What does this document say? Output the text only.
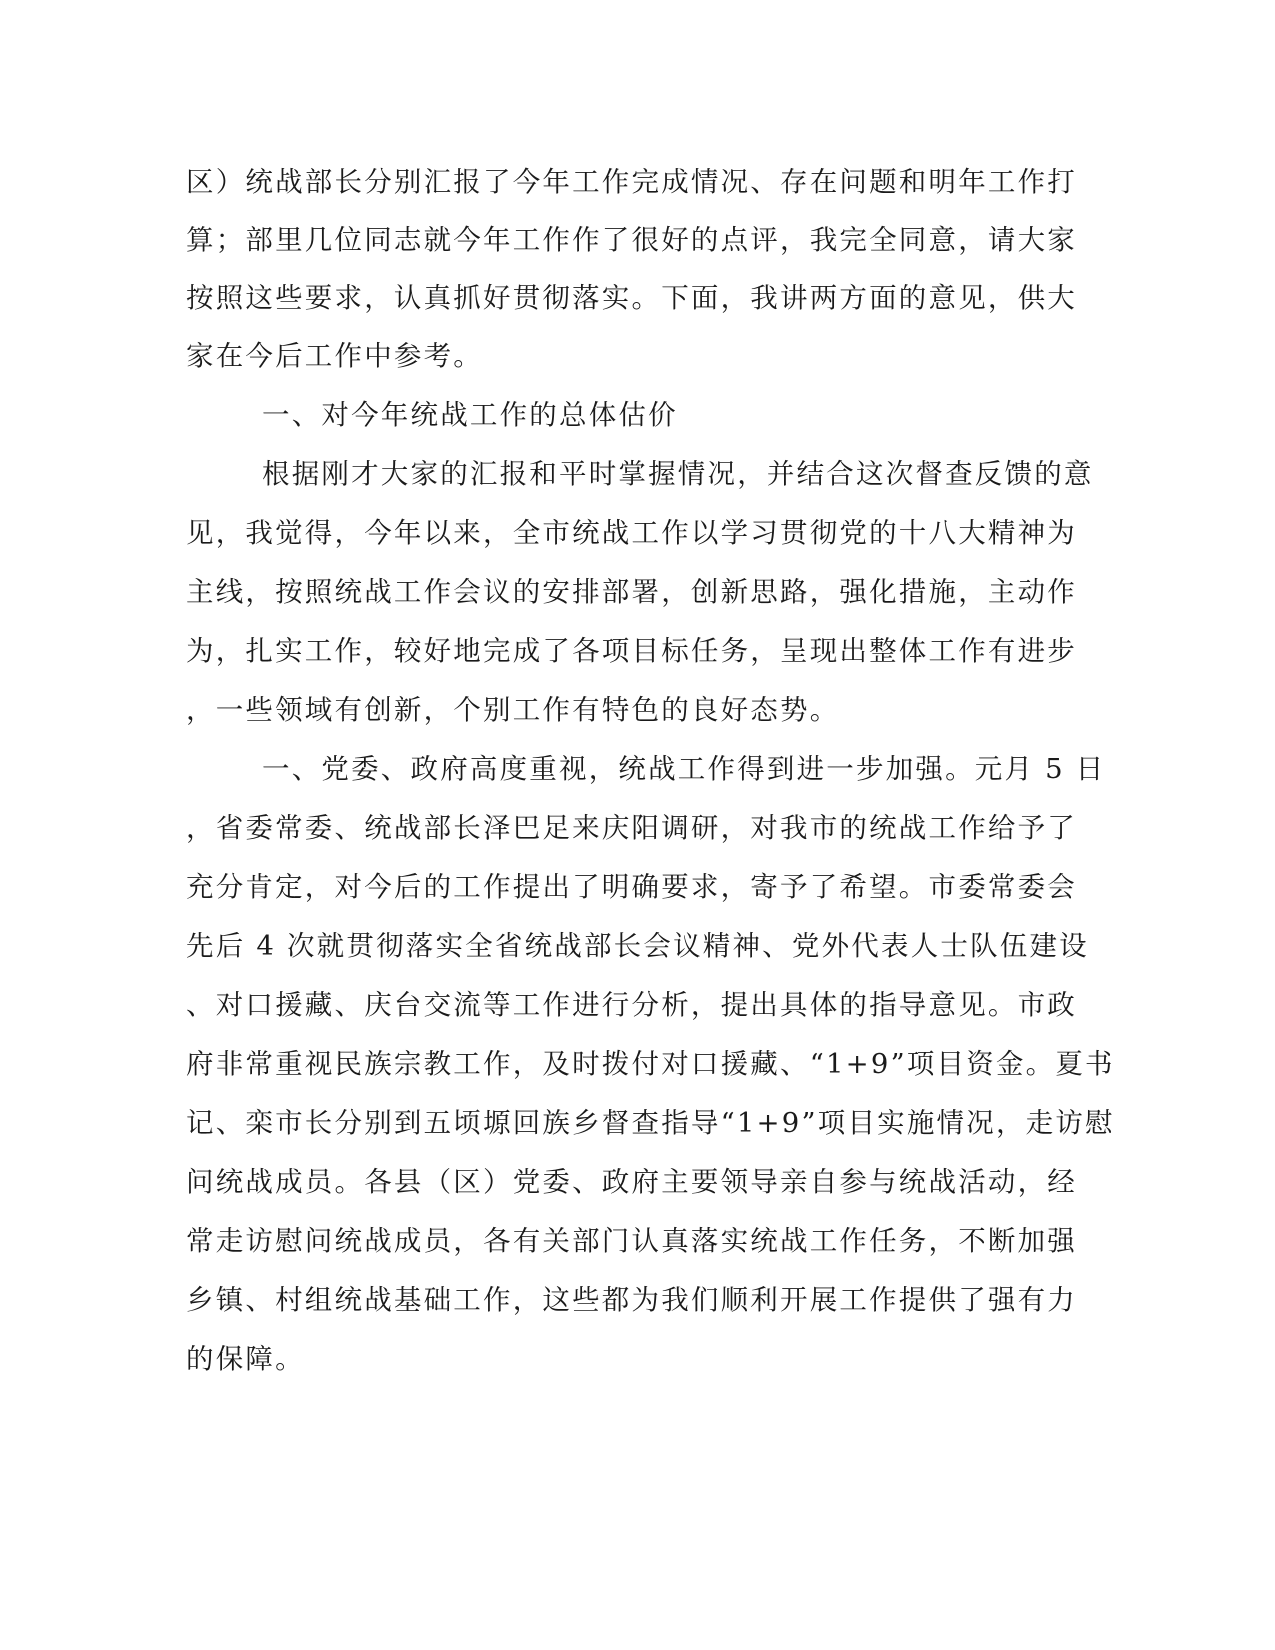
区）统战部长分别汇报了今年工作完成情况、存在问题和明年工作打

算；部里几位同志就今年工作作了很好的点评，我完全同意，请大家

按照这些要求，认真抓好贯彻落实。下面，我讲两方面的意见，供大

家在今后工作中参考。

一、对今年统战工作的总体估价

根据刚才大家的汇报和平时掌握情况，并结合这次督查反馈的意

见，我觉得，今年以来，全市统战工作以学习贯彻党的十八大精神为

主线，按照统战工作会议的安排部署，创新思路，强化措施，主动作

为，扎实工作，较好地完成了各项目标任务，呈现出整体工作有进步

，一些领域有创新，个别工作有特色的良好态势。

一、党委、政府高度重视，统战工作得到进一步加强。元月 5 日

，省委常委、统战部长泽巴足来庆阳调研，对我市的统战工作给予了

充分肯定，对今后的工作提出了明确要求，寄予了希望。市委常委会

先后 4 次就贯彻落实全省统战部长会议精神、党外代表人士队伍建设

、对口援藏、庆台交流等工作进行分析，提出具体的指导意见。市政

府非常重视民族宗教工作，及时拨付对口援藏、“1+9”项目资金。夏书

记、栾市长分别到五顷塬回族乡督查指导“1+9”项目实施情况，走访慰

问统战成员。各县（区）党委、政府主要领导亲自参与统战活动，经

常走访慰问统战成员，各有关部门认真落实统战工作任务，不断加强

乡镇、村组统战基础工作，这些都为我们顺利开展工作提供了强有力

的保障。
